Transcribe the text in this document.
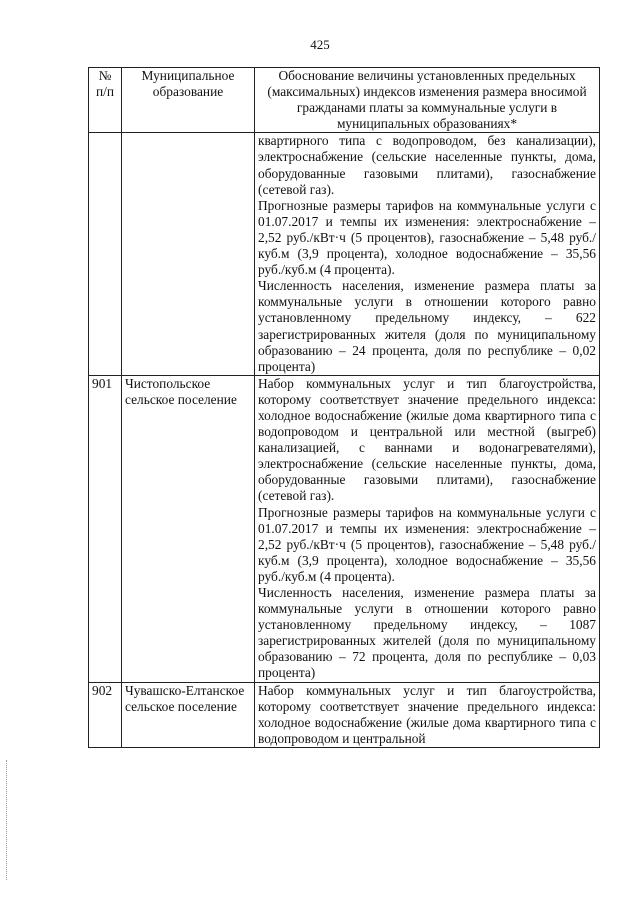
425
№ п/п	Муниципальное образование	Обоснование величины установленных предельных (максимальных) индексов изменения размера вносимой гражданами платы за коммунальные услуги в муниципальных образованиях*

		квартирного типа с водопроводом, без канализации), электроснабжение (сельские населенные пункты, дома, оборудованные газовыми плитами), газоснабжение (сетевой газ).

Прогнозные размеры тарифов на коммунальные услуги с 01.07.2017 и темпы их изменения: электроснабжение – 2,52 руб./кВт·ч (5 процентов), газоснабжение – 5,48 руб./куб.м (3,9 процента), холодное водоснабжение – 35,56 руб./куб.м (4 процента).

Численность населения, изменение размера платы за коммунальные услуги в отношении которого равно установленному предельному индексу, – 622 зарегистрированных жителя (доля по муниципальному образованию – 24 процента, доля по республике – 0,02 процента)

901	Чистопольское сельское поселение	Набор коммунальных услуг и тип благоустройства, которому соответствует значение предельного индекса: холодное водоснабжение (жилые дома квартирного типа с водопроводом и центральной или местной (выгреб) канализацией, с ваннами и водонагревателями), электроснабжение (сельские населенные пункты, дома, оборудованные газовыми плитами), газоснабжение (сетевой газ).

Прогнозные размеры тарифов на коммунальные услуги с 01.07.2017 и темпы их изменения: электроснабжение – 2,52 руб./кВт·ч (5 процентов), газоснабжение – 5,48 руб./куб.м (3,9 процента), холодное водоснабжение – 35,56 руб./куб.м (4 процента).

Численность населения, изменение размера платы за коммунальные услуги в отношении которого равно установленному предельному индексу, – 1087 зарегистрированных жителей (доля по муниципальному образованию – 72 процента, доля по республике – 0,03 процента)

902	Чувашско-Елтанское сельское поселение	Набор коммунальных услуг и тип благоустройства, которому соответствует значение предельного индекса: холодное водоснабжение (жилые дома квартирного типа с водопроводом и центральной
